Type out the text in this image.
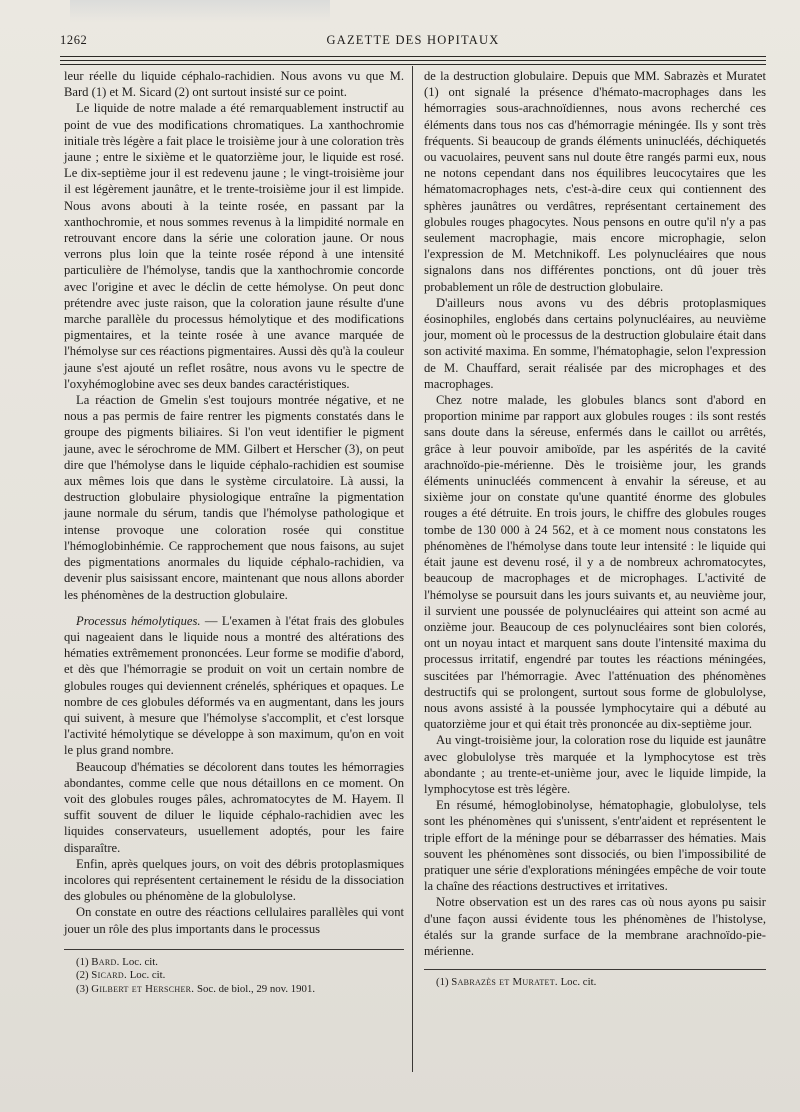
1262	GAZETTE DES HOPITAUX

leur réelle du liquide céphalo-rachidien. Nous avons vu que M. Bard (1) et M. Sicard (2) ont surtout insisté sur ce point.

Le liquide de notre malade a été remarquablement instructif au point de vue des modifications chromatiques. La xanthochromie initiale très légère a fait place le troisième jour à une coloration très jaune ; entre le sixième et le quatorzième jour, le liquide est rosé. Le dix-septième jour il est redevenu jaune ; le vingt-troisième jour il est légèrement jaunâtre, et le trente-troisième jour il est limpide. Nous avons abouti à la teinte rosée, en passant par la xanthochromie, et nous sommes revenus à la limpidité normale en retrouvant encore dans la série une coloration jaune. Or nous verrons plus loin que la teinte rosée répond à une intensité particulière de l'hémolyse, tandis que la xanthochromie concorde avec l'origine et avec le déclin de cette hémolyse. On peut donc prétendre avec juste raison, que la coloration jaune résulte d'une marche parallèle du processus hémolytique et des modifications pigmentaires, et la teinte rosée à une avance marquée de l'hémolyse sur ces réactions pigmentaires. Aussi dès qu'à la couleur jaune s'est ajouté un reflet rosâtre, nous avons vu le spectre de l'oxyhémoglobine avec ses deux bandes caractéristiques.

La réaction de Gmelin s'est toujours montrée négative, et ne nous a pas permis de faire rentrer les pigments constatés dans le groupe des pigments biliaires. Si l'on veut identifier le pigment jaune, avec le sérochrome de MM. Gilbert et Herscher (3), on peut dire que l'hémolyse dans le liquide céphalo-rachidien est soumise aux mêmes lois que dans le système circulatoire. Là aussi, la destruction globulaire physiologique entraîne la pigmentation jaune normale du sérum, tandis que l'hémolyse pathologique et intense provoque une coloration rosée qui constitue l'hémoglobinhémie. Ce rapprochement que nous faisons, au sujet des pigmentations anormales du liquide céphalo-rachidien, va devenir plus saisissant encore, maintenant que nous allons aborder les phénomènes de la destruction globulaire.

Processus hémolytiques. — L'examen à l'état frais des globules qui nageaient dans le liquide nous a montré des altérations des hématies extrêmement prononcées. Leur forme se modifie d'abord, et dès que l'hémorragie se produit on voit un certain nombre de globules rouges qui deviennent crénelés, sphériques et opaques. Le nombre de ces globules déformés va en augmentant, dans les jours qui suivent, à mesure que l'hémolyse s'accomplit, et c'est lorsque l'activité hémolytique se développe à son maximum, qu'on en voit le plus grand nombre.

Beaucoup d'hématies se décolorent dans toutes les hémorragies abondantes, comme celle que nous détaillons en ce moment. On voit des globules rouges pâles, achromatocytes de M. Hayem. Il suffit souvent de diluer le liquide céphalo-rachidien avec les liquides conservateurs, usuellement adoptés, pour les faire disparaître.

Enfin, après quelques jours, on voit des débris protoplasmiques incolores qui représentent certainement le résidu de la dissociation des globules ou phénomène de la globulolyse.

On constate en outre des réactions cellulaires parallèles qui vont jouer un rôle des plus importants dans le processus

(1) Bard. Loc. cit.

(2) Sicard. Loc. cit.

(3) Gilbert et Herscher. Soc. de biol., 29 nov. 1901.

de la destruction globulaire. Depuis que MM. Sabrazès et Muratet (1) ont signalé la présence d'hémato-macrophages dans les hémorragies sous-arachnoïdiennes, nous avons recherché ces éléments dans tous nos cas d'hémorragie méningée. Ils y sont très fréquents. Si beaucoup de grands éléments uninucléés, déchiquetés ou vacuolaires, peuvent sans nul doute être rangés parmi eux, nous ne notons cependant dans nos équilibres leucocytaires que les hématomacrophages nets, c'est-à-dire ceux qui contiennent des sphères jaunâtres ou verdâtres, représentant certainement des globules rouges phagocytes. Nous pensons en outre qu'il n'y a pas seulement macrophagie, mais encore microphagie, selon l'expression de M. Metchnikoff. Les polynucléaires que nous signalons dans nos différentes ponctions, ont dû jouer très probablement un rôle de destruction globulaire.

D'ailleurs nous avons vu des débris protoplasmiques éosinophiles, englobés dans certains polynucléaires, au neuvième jour, moment où le processus de la destruction globulaire était dans son activité maxima. En somme, l'hématophagie, selon l'expression de M. Chauffard, serait réalisée par des microphages et des macrophages.

Chez notre malade, les globules blancs sont d'abord en proportion minime par rapport aux globules rouges : ils sont restés sans doute dans la séreuse, enfermés dans le caillot ou arrêtés, grâce à leur pouvoir amiboïde, par les aspérités de la cavité arachnoïdo-pie-mérienne. Dès le troisième jour, les grands éléments uninucléés commencent à envahir la séreuse, et au sixième jour on constate qu'une quantité énorme des globules rouges a été détruite. En trois jours, le chiffre des globules rouges tombe de 130 000 à 24 562, et à ce moment nous constatons les phénomènes de l'hémolyse dans toute leur intensité : le liquide qui était jaune est devenu rosé, il y a de nombreux achromatocytes, beaucoup de macrophages et de microphages. L'activité de l'hémolyse se poursuit dans les jours suivants et, au neuvième jour, il survient une poussée de polynucléaires qui atteint son acmé au onzième jour. Beaucoup de ces polynucléaires sont bien colorés, ont un noyau intact et marquent sans doute l'intensité maxima du processus irritatif, engendré par toutes les réactions méningées, suscitées par l'hémorragie. Avec l'atténuation des phénomènes destructifs qui se prolongent, surtout sous forme de globulolyse, nous avons assisté à la poussée lymphocytaire qui a débuté au quatorzième jour et qui était très prononcée au dix-septième jour.

Au vingt-troisième jour, la coloration rose du liquide est jaunâtre avec globulolyse très marquée et la lymphocytose est très abondante ; au trente-et-unième jour, avec le liquide limpide, la lymphocytose est très légère.

En résumé, hémoglobinolyse, hématophagie, globulolyse, tels sont les phénomènes qui s'unissent, s'entr'aident et représentent le triple effort de la méninge pour se débarrasser des hématies. Mais souvent les phénomènes sont dissociés, ou bien l'impossibilité de pratiquer une série d'explorations méningées empêche de voir toute la chaîne des réactions destructives et irritatives.

Notre observation est un des rares cas où nous ayons pu saisir d'une façon aussi évidente tous les phénomènes de l'histolyse, étalés sur la grande surface de la membrane arachnoïdo-pie-mérienne.

(1) Sabrazès et Muratet. Loc. cit.
